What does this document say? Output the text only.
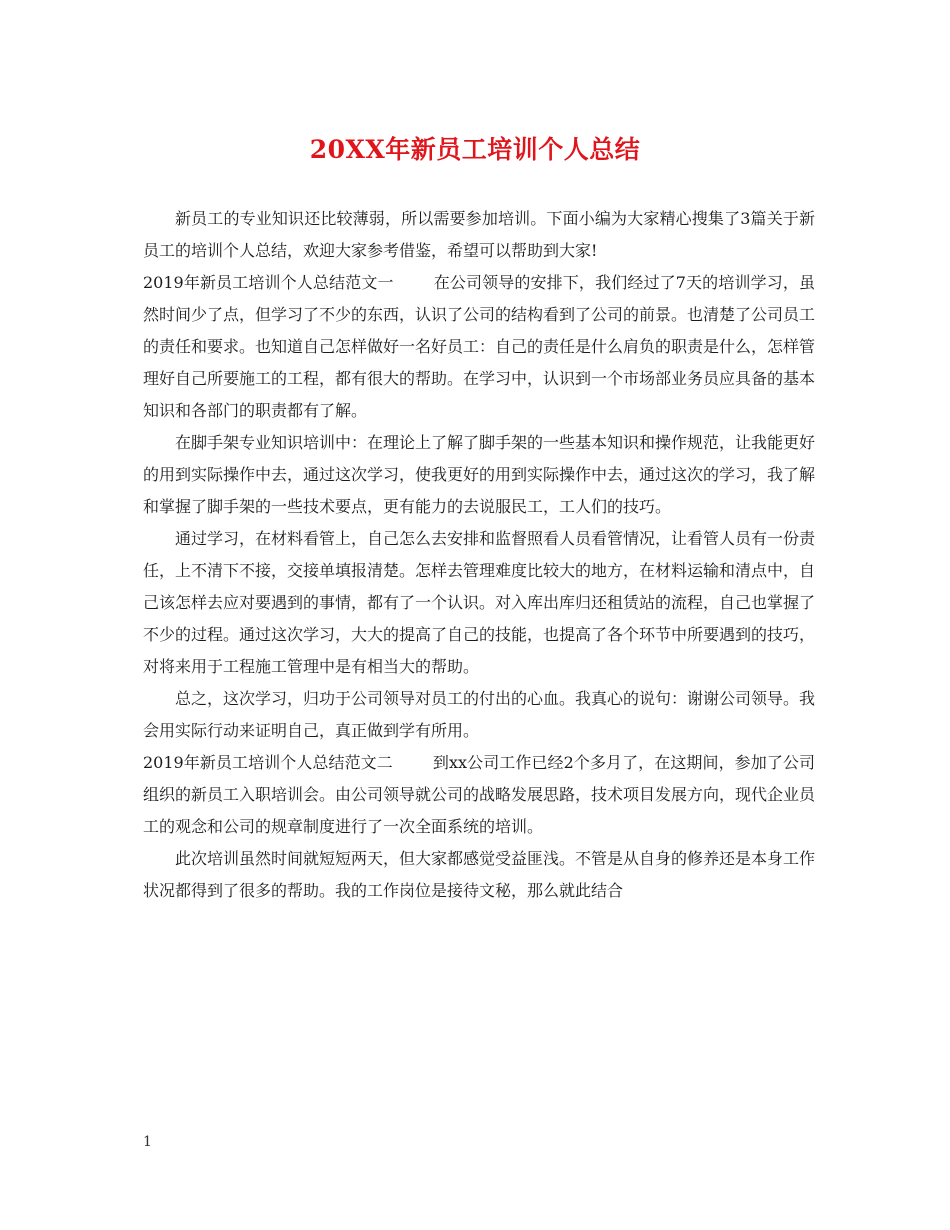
20XX年新员工培训个人总结

新员工的专业知识还比较薄弱，所以需要参加培训。下面小编为大家精心搜集了3篇关于新员工的培训个人总结，欢迎大家参考借鉴，希望可以帮助到大家!

2019年新员工培训个人总结范文一	在公司领导的安排下，我们经过了7天的培训学习，虽然时间少了点，但学习了不少的东西，认识了公司的结构看到了公司的前景。也清楚了公司员工的责任和要求。也知道自己怎样做好一名好员工：自己的责任是什么肩负的职责是什么，怎样管理好自己所要施工的工程，都有很大的帮助。在学习中，认识到一个市场部业务员应具备的基本知识和各部门的职责都有了解。

在脚手架专业知识培训中：在理论上了解了脚手架的一些基本知识和操作规范，让我能更好的用到实际操作中去，通过这次学习，使我更好的用到实际操作中去，通过这次的学习，我了解和掌握了脚手架的一些技术要点，更有能力的去说服民工，工人们的技巧。

通过学习，在材料看管上，自己怎么去安排和监督照看人员看管情况，让看管人员有一份责任，上不清下不接，交接单填报清楚。怎样去管理难度比较大的地方，在材料运输和清点中，自己该怎样去应对要遇到的事情，都有了一个认识。对入库出库归还租赁站的流程，自己也掌握了不少的过程。通过这次学习，大大的提高了自己的技能，也提高了各个环节中所要遇到的技巧，对将来用于工程施工管理中是有相当大的帮助。

总之，这次学习，归功于公司领导对员工的付出的心血。我真心的说句：谢谢公司领导。我会用实际行动来证明自己，真正做到学有所用。

2019年新员工培训个人总结范文二	到xx公司工作已经2个多月了，在这期间，参加了公司组织的新员工入职培训会。由公司领导就公司的战略发展思路，技术项目发展方向，现代企业员工的观念和公司的规章制度进行了一次全面系统的培训。

此次培训虽然时间就短短两天，但大家都感觉受益匪浅。不管是从自身的修养还是本身工作状况都得到了很多的帮助。我的工作岗位是接待文秘，那么就此结合

1
